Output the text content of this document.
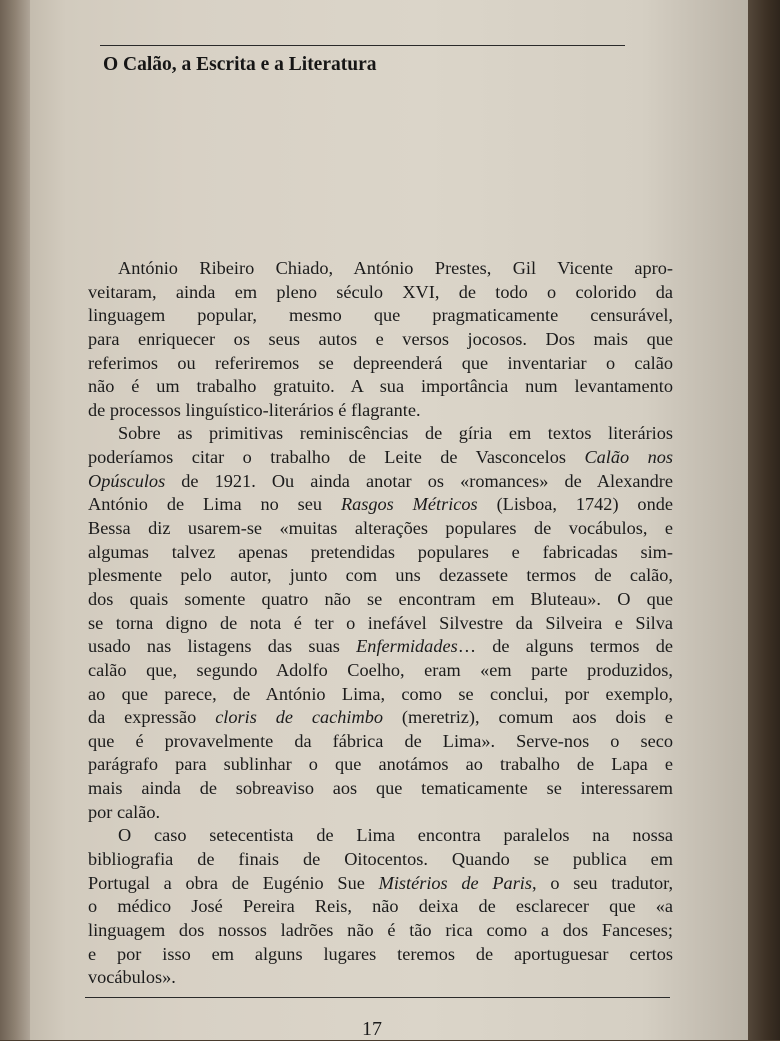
O Calão, a Escrita e a Literatura
António Ribeiro Chiado, António Prestes, Gil Vicente apro-
veitaram, ainda em pleno século XVI, de todo o colorido da
linguagem popular, mesmo que pragmaticamente censurável,
para enriquecer os seus autos e versos jocosos. Dos mais que
referimos ou referiremos se depreenderá que inventariar o calão
não é um trabalho gratuito. A sua importância num levantamento
de processos linguístico-literários é flagrante.
Sobre as primitivas reminiscências de gíria em textos literários
poderíamos citar o trabalho de Leite de Vasconcelos Calão nos
Opúsculos de 1921. Ou ainda anotar os «romances» de Alexandre
António de Lima no seu Rasgos Métricos (Lisboa, 1742) onde
Bessa diz usarem-se «muitas alterações populares de vocábulos, e
algumas talvez apenas pretendidas populares e fabricadas sim-
plesmente pelo autor, junto com uns dezassete termos de calão,
dos quais somente quatro não se encontram em Bluteau». O que
se torna digno de nota é ter o inefável Silvestre da Silveira e Silva
usado nas listagens das suas Enfermidades… de alguns termos de
calão que, segundo Adolfo Coelho, eram «em parte produzidos,
ao que parece, de António Lima, como se conclui, por exemplo,
da expressão cloris de cachimbo (meretriz), comum aos dois e
que é provavelmente da fábrica de Lima». Serve-nos o seco
parágrafo para sublinhar o que anotámos ao trabalho de Lapa e
mais ainda de sobreaviso aos que tematicamente se interessarem
por calão.
O caso setecentista de Lima encontra paralelos na nossa
bibliografia de finais de Oitocentos. Quando se publica em
Portugal a obra de Eugénio Sue Mistérios de Paris, o seu tradutor,
o médico José Pereira Reis, não deixa de esclarecer que «a
linguagem dos nossos ladrões não é tão rica como a dos Fanceses;
e por isso em alguns lugares teremos de aportuguesar certos
vocábulos».
17
